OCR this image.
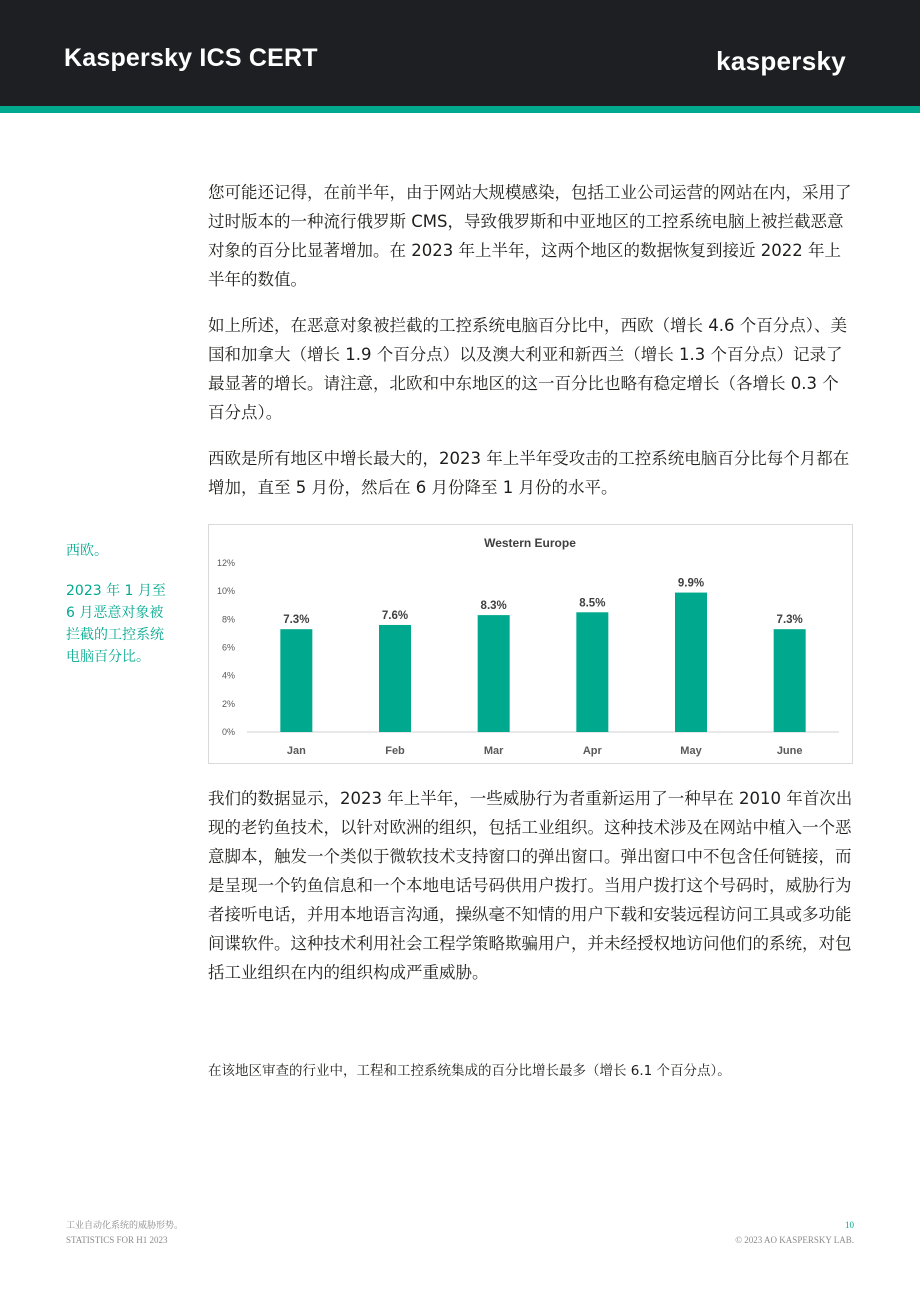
Kaspersky ICS CERT	kaspersky

您可能还记得，在前半年，由于网站大规模感染，包括工业公司运营的网站在内，采用了过时版本的一种流行俄罗斯 CMS，导致俄罗斯和中亚地区的工控系统电脑上被拦截恶意对象的百分比显著增加。在 2023 年上半年，这两个地区的数据恢复到接近 2022 年上半年的数值。

如上所述，在恶意对象被拦截的工控系统电脑百分比中，西欧（增长 4.6 个百分点）、美国和加拿大（增长 1.9 个百分点）以及澳大利亚和新西兰（增长 1.3 个百分点）记录了最显著的增长。请注意，北欧和中东地区的这一百分比也略有稳定增长（各增长 0.3 个百分点）。

西欧是所有地区中增长最大的，2023 年上半年受攻击的工控系统电脑百分比每个月都在增加，直至 5 月份，然后在 6 月份降至 1 月份的水平。

西欧。
2023 年 1 月至 6 月恶意对象被拦截的工控系统电脑百分比。
Western Europe
0%
2%
4%
6%
8%
10%
12%
7.3%
Jan
7.6%
Feb
8.3%
Mar
8.5%
Apr
9.9%
May
7.3%
June

我们的数据显示，2023 年上半年，一些威胁行为者重新运用了一种早在 2010 年首次出现的老钓鱼技术，以针对欧洲的组织，包括工业组织。这种技术涉及在网站中植入一个恶意脚本，触发一个类似于微软技术支持窗口的弹出窗口。弹出窗口中不包含任何链接，而是呈现一个钓鱼信息和一个本地电话号码供用户拨打。当用户拨打这个号码时，威胁行为者接听电话，并用本地语言沟通，操纵毫不知情的用户下载和安装远程访问工具或多功能间谍软件。这种技术利用社会工程学策略欺骗用户，并未经授权地访问他们的系统，对包括工业组织在内的组织构成严重威胁。

在该地区审查的行业中，工程和工控系统集成的百分比增长最多（增长 6.1 个百分点）。
工业自动化系统的威胁形势。
STATISTICS FOR H1 2023
10
© 2023 AO KASPERSKY LAB.
